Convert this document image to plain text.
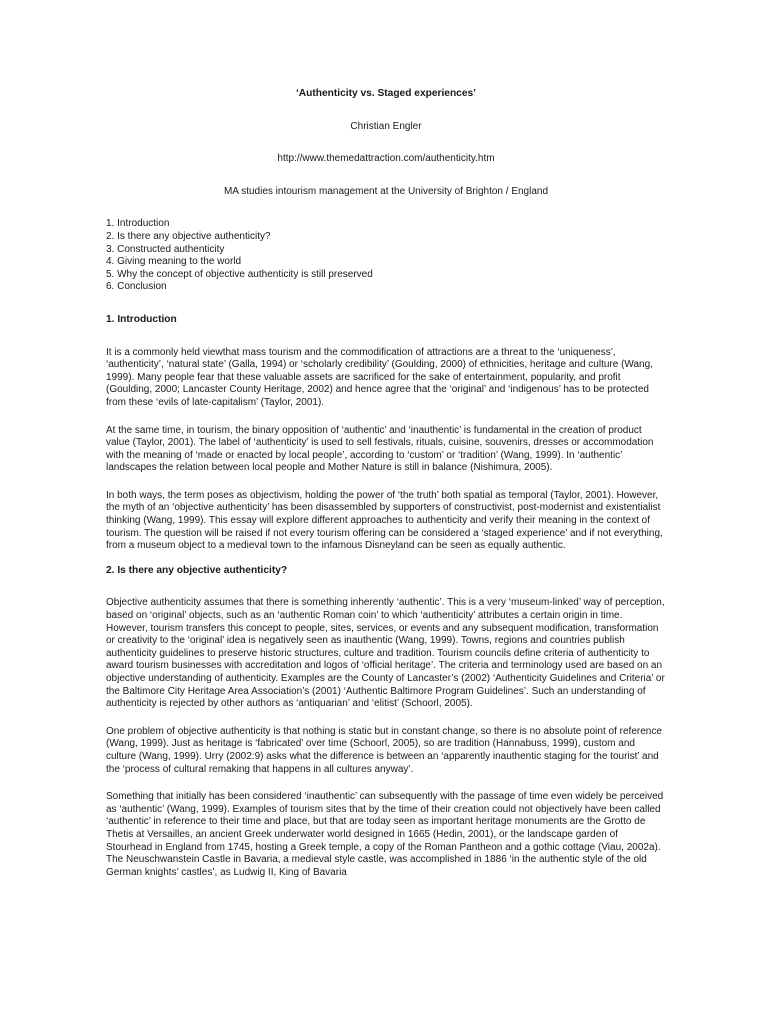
‘Authenticity vs. Staged experiences’
Christian Engler
http://www.themedattraction.com/authenticity.htm
MA studies intourism management at the University of Brighton / England
1. Introduction
2. Is there any objective authenticity?
3. Constructed authenticity
4. Giving meaning to the world
5. Why the concept of objective authenticity is still preserved
6. Conclusion
1. Introduction

It is a commonly held viewthat mass tourism and the commodification of attractions are a threat to the ‘uniqueness’, ‘authenticity’, ‘natural state’ (Galla, 1994) or ‘scholarly credibility’ (Goulding, 2000) of ethnicities, heritage and culture (Wang, 1999). Many people fear that these valuable assets are sacrificed for the sake of entertainment, popularity, and profit (Goulding, 2000; Lancaster County Heritage, 2002) and hence agree that the ‘original’ and ‘indigenous’ has to be protected from these ‘evils of late-capitalism’ (Taylor, 2001).

At the same time, in tourism, the binary opposition of ‘authentic’ and ‘inauthentic’ is fundamental in the creation of product value (Taylor, 2001). The label of ‘authenticity’ is used to sell festivals, rituals, cuisine, souvenirs, dresses or accommodation with the meaning of ‘made or enacted by local people’, according to ‘custom’ or ‘tradition’ (Wang, 1999). In ‘authentic’ landscapes the relation between local people and Mother Nature is still in balance (Nishimura, 2005).

In both ways, the term poses as objectivism, holding the power of ‘the truth’ both spatial as temporal (Taylor, 2001). However, the myth of an ‘objective authenticity’ has been disassembled by supporters of constructivist, post-modernist and existentialist thinking (Wang, 1999). This essay will explore different approaches to authenticity and verify their meaning in the context of tourism. The question will be raised if not every tourism offering can be considered a ‘staged experience’ and if not everything, from a museum object to a medieval town to the infamous Disneyland can be seen as equally authentic.

2. Is there any objective authenticity?

Objective authenticity assumes that there is something inherently ‘authentic’. This is a very ‘museum-linked’ way of perception, based on ‘original’ objects, such as an ‘authentic Roman coin’ to which ‘authenticity’ attributes a certain origin in time. However, tourism transfers this concept to people, sites, services, or events and any subsequent modification, transformation or creativity to the ‘original’ idea is negatively seen as inauthentic (Wang, 1999). Towns, regions and countries publish authenticity guidelines to preserve historic structures, culture and tradition. Tourism councils define criteria of authenticity to award tourism businesses with accreditation and logos of ‘official heritage’. The criteria and terminology used are based on an objective understanding of authenticity. Examples are the County of Lancaster’s (2002) ‘Authenticity Guidelines and Criteria’ or the Baltimore City Heritage Area Association’s (2001) ‘Authentic Baltimore Program Guidelines’. Such an understanding of authenticity is rejected by other authors as ‘antiquarian’ and ‘elitist’ (Schoorl, 2005).

One problem of objective authenticity is that nothing is static but in constant change, so there is no absolute point of reference (Wang, 1999). Just as heritage is ‘fabricated’ over time (Schoorl, 2005), so are tradition (Hannabuss, 1999), custom and culture (Wang, 1999). Urry (2002:9) asks what the difference is between an ‘apparently inauthentic staging for the tourist’ and the ‘process of cultural remaking that happens in all cultures anyway’.

Something that initially has been considered ‘inauthentic’ can subsequently with the passage of time even widely be perceived as ‘authentic’ (Wang, 1999). Examples of tourism sites that by the time of their creation could not objectively have been called ‘authentic’ in reference to their time and place, but that are today seen as important heritage monuments are the Grotto de Thetis at Versailles, an ancient Greek underwater world designed in 1665 (Hedin, 2001), or the landscape garden of Stourhead in England from 1745, hosting a Greek temple, a copy of the Roman Pantheon and a gothic cottage (Viau, 2002a). The Neuschwanstein Castle in Bavaria, a medieval style castle, was accomplished in 1886 ‘in the authentic style of the old German knights’ castles’, as Ludwig II, King of Bavaria
